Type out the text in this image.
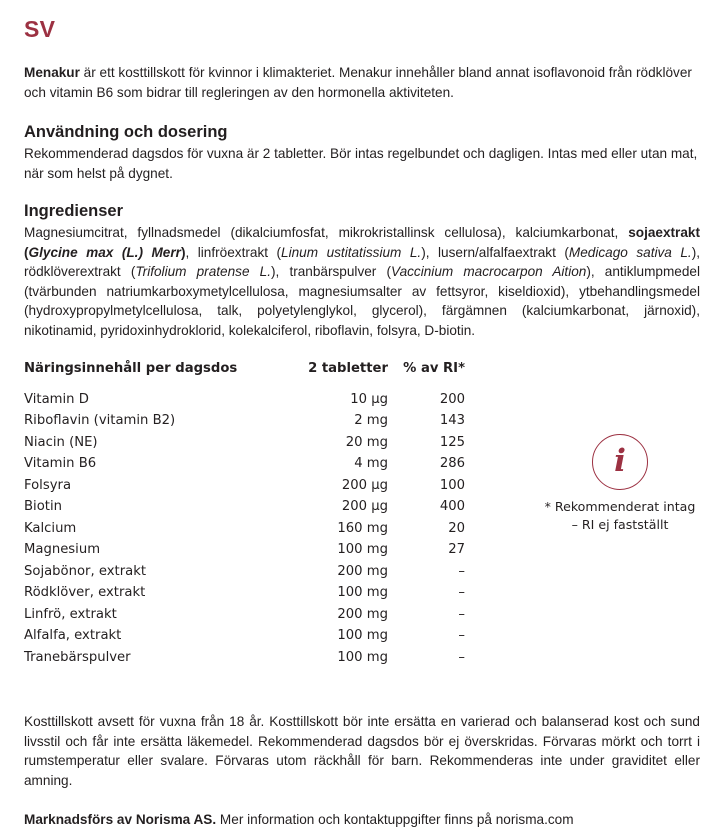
SV

Menakur är ett kosttillskott för kvinnor i klimakteriet. Menakur innehåller bland annat isoflavonoid från rödklöver och vitamin B6 som bidrar till regleringen av den hormonella aktiviteten.

Användning och dosering

Rekommenderad dagsdos för vuxna är 2 tabletter. Bör intas regelbundet och dagligen. Intas med eller utan mat, när som helst på dygnet.

Ingredienser

Magnesiumcitrat, fyllnadsmedel (dikalciumfosfat, mikrokristallinsk cellulosa), kalciumkarbonat, sojaextrakt (Glycine max (L.) Merr), linfröextrakt (Linum ustitatissium L.), lusern/alfalfaextrakt (Medicago sativa L.), rödklöverextrakt (Trifolium pratense L.), tranbärspulver (Vaccinium macrocarpon Aition), antiklumpmedel (tvärbunden natriumkarboxymetylcellulosa, magnesiumsalter av fettsyror, kiseldioxid), ytbehandlingsmedel (hydroxypropylmetylcellulosa, talk, polyetylenglykol, glycerol), färgämnen (kalciumkarbonat, järnoxid), nikotinamid, pyridoxinhydroklorid, kolekalciferol, riboflavin, folsyra, D-biotin.

Näringsinnehåll per dagsdos	2 tabletter	% av RI*
Vitamin D	10 µg	200
Riboflavin (vitamin B2)	2 mg	143
Niacin (NE)	20 mg	125
Vitamin B6	4 mg	286
Folsyra	200 µg	100
Biotin	200 µg	400
Kalcium	160 mg	20
Magnesium	100 mg	27
Sojabönor, extrakt	200 mg	–
Rödklöver, extrakt	100 mg	–
Linfrö, extrakt	200 mg	–
Alfalfa, extrakt	100 mg	–
Tranebärspulver	100 mg	–
i
* Rekommenderat intag
– RI ej fastställt

Kosttillskott avsett för vuxna från 18 år. Kosttillskott bör inte ersätta en varierad och balanserad kost och sund livsstil och får inte ersätta läkemedel. Rekommenderad dagsdos bör ej överskridas. Förvaras mörkt och torrt i rumstemperatur eller svalare. Förvaras utom räckhåll för barn. Rekommenderas inte under graviditet eller amning.

Marknadsförs av Norisma AS. Mer information och kontaktuppgifter finns på norisma.com
